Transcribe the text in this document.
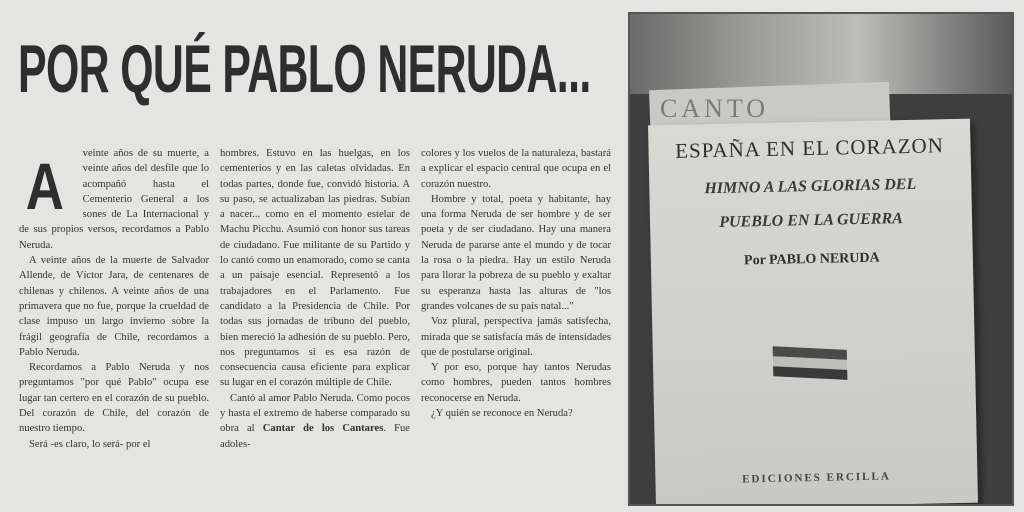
POR QUÉ PABLO NERUDA...
A	veinte años de su muerte, a veinte años del desfile que lo acompañó hasta el Cementerio General a los sones de La Internacional y de sus propios versos, recordamos a Pablo Neruda.

A veinte años de la muerte de Salvador Allende, de Víctor Jara, de centenares de chilenas y chilenos. A veinte años de una primavera que no fue, porque la crueldad de clase impuso un largo invierno sobre la frágil geografía de Chile, recordamos a Pablo Neruda.

Recordamos a Pablo Neruda y nos preguntamos "por qué Pablo" ocupa ese lugar tan certero en el corazón de su pueblo. Del corazón de Chile, del corazón de nuestro tiempo.

Será -es claro, lo será- por el

hombres. Estuvo en las huelgas, en los cementerios y en las caletas olvidadas. En todas partes, donde fue, convidó historia. A su paso, se actualizaban las piedras. Subían a nacer... como en el momento estelar de Machu Picchu. Asumió con honor sus tareas de ciudadano. Fue militante de su Partido y lo cantó como un enamorado, como se canta a un paisaje esencial. Representó a los trabajadores en el Parlamento. Fue candidato a la Presidencia de Chile. Por todas sus jornadas de tribuno del pueblo, bien mereció la adhesión de su pueblo. Pero, nos preguntamos si es esa razón de consecuencia causa eficiente para explicar su lugar en el corazón múltiple de Chile.

Cantó al amor Pablo Neruda. Como pocos y hasta el extremo de haberse comparado su obra al Cantar de los Cantares. Fue adoles-

colores y los vuelos de la naturaleza, bastará a explicar el espacio central que ocupa en el corazón nuestro.

Hombre y total, poeta y habitante, hay una forma Neruda de ser hombre y de ser poeta y de ser ciudadano. Hay una manera Neruda de pararse ante el mundo y de tocar la rosa o la piedra. Hay un estilo Neruda para llorar la pobreza de su pueblo y exaltar su esperanza hasta las alturas de "los grandes volcanes de su país natal..."

Voz plural, perspectiva jamás satisfecha, mirada que se satisfacía más de intensidades que de postularse original.

Y por eso, porque hay tantos Nerudas como hombres, pueden tantos hombres reconocerse en Neruda.

¿Y quién se reconoce en Neruda?

CANTO
ESPAÑA EN EL CORAZON
HIMNO A LAS GLORIAS DEL
PUEBLO EN LA GUERRA
Por PABLO NERUDA
EDICIONES ERCILLA
